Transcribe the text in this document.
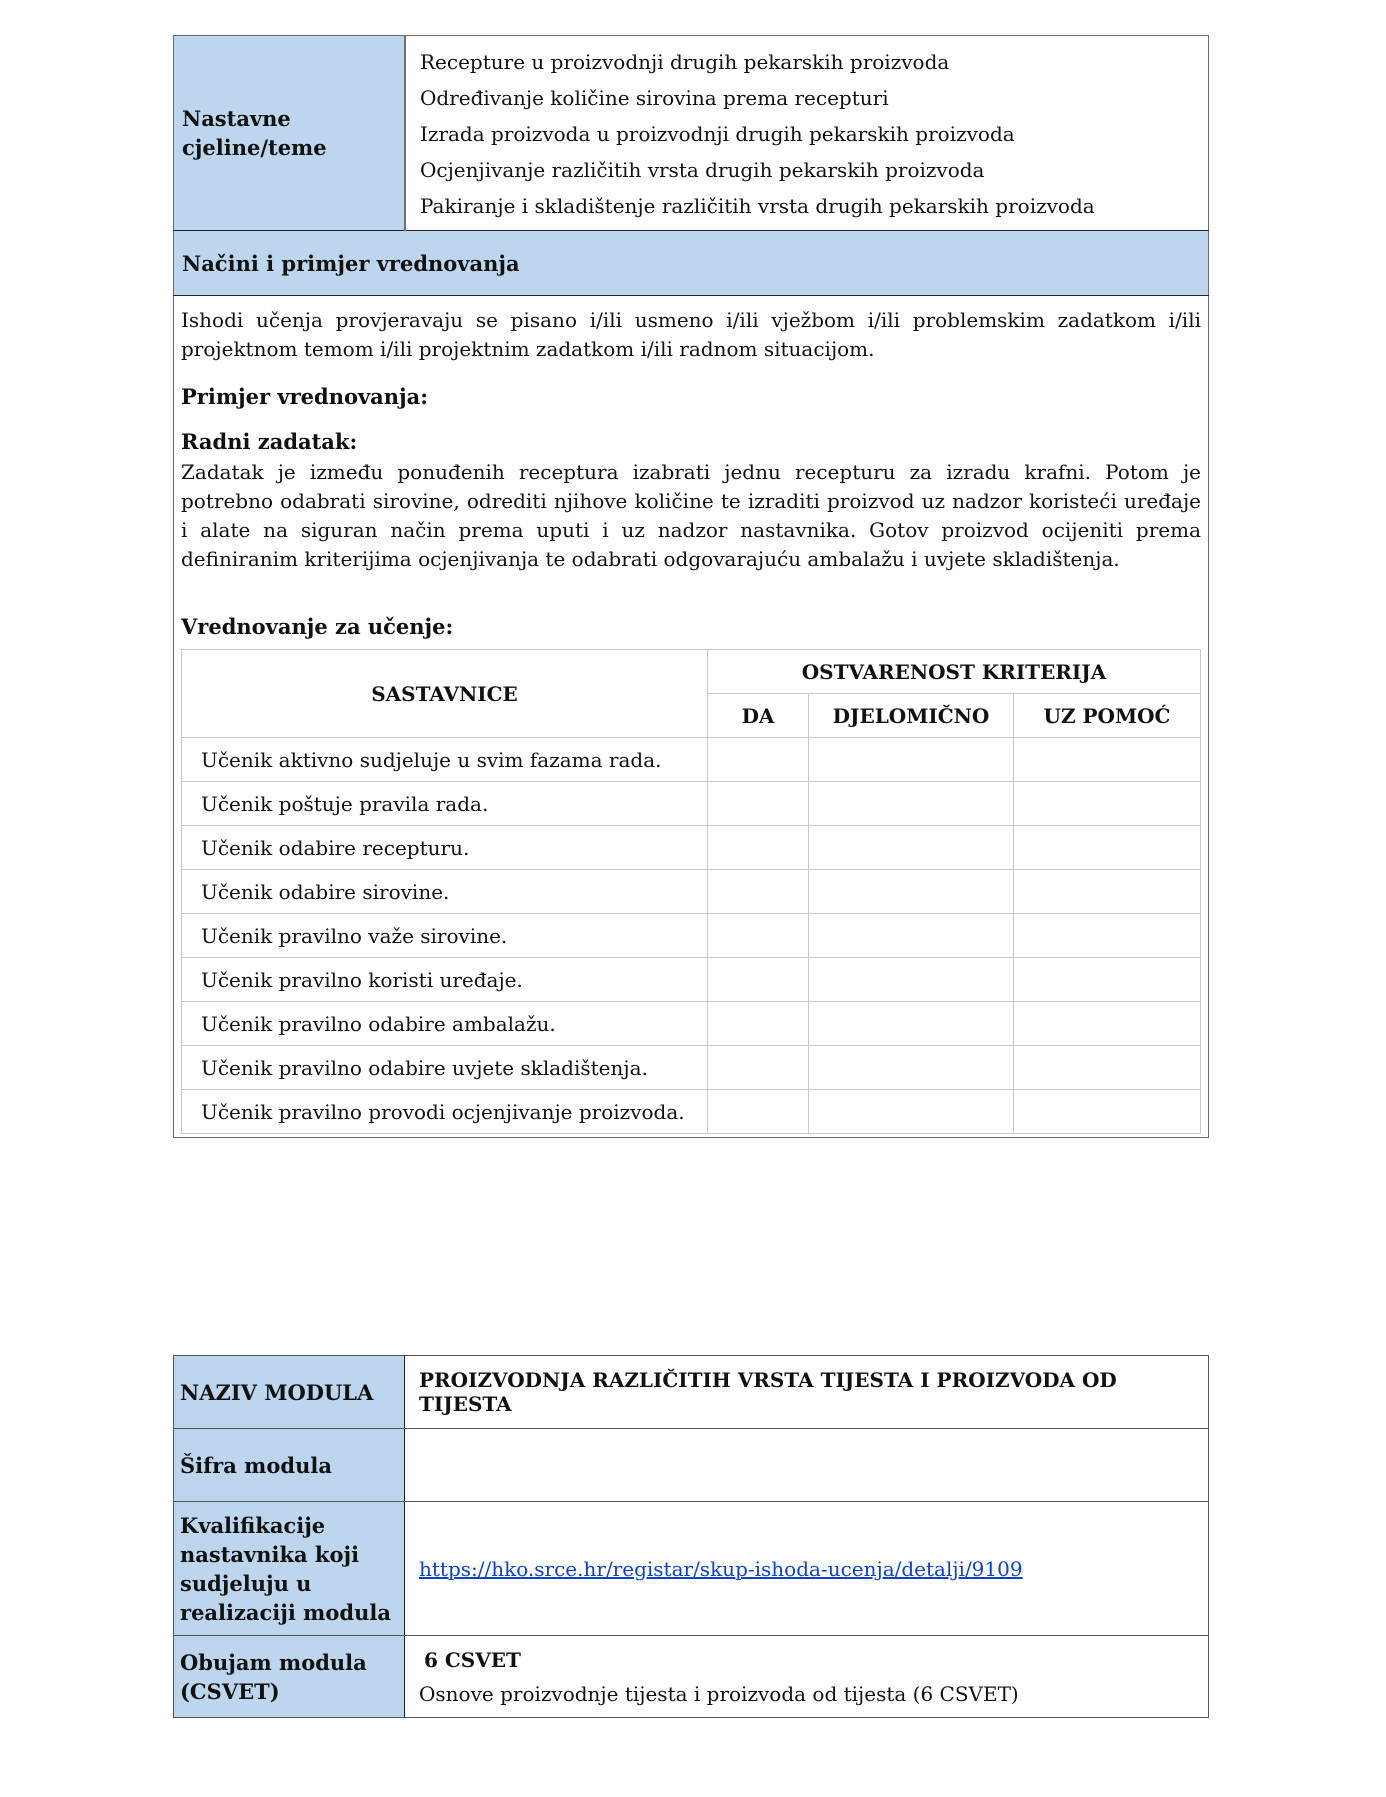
Nastavne cjeline/teme	
Recepture u proizvodnji drugih pekarskih proizvoda
Određivanje količine sirovina prema recepturi
Izrada proizvoda u proizvodnji drugih pekarskih proizvoda
Ocjenjivanje različitih vrsta drugih pekarskih proizvoda
Pakiranje i skladištenje različitih vrsta drugih pekarskih proizvoda

Načini i primjer vrednovanja

Ishodi učenja provjeravaju se pisano i/ili usmeno i/ili vježbom i/ili problemskim zadatkom i/ili projektnom temom i/ili projektnim zadatkom i/ili radnom situacijom.

Primjer vrednovanja:

Radni zadatak:

Zadatak je između ponuđenih receptura izabrati jednu recepturu za izradu krafni. Potom je potrebno odabrati sirovine, odrediti njihove količine te izraditi proizvod uz nadzor koristeći uređaje i alate na siguran način prema uputi i uz nadzor nastavnika. Gotov proizvod ocijeniti prema definiranim kriterijima ocjenjivanja te odabrati odgovarajuću ambalažu i uvjete skladištenja.

Vrednovanje za učenje:

SASTAVNICE	OSTVARENOST KRITERIJA
DA	DJELOMIČNO	UZ POMOĆ
Učenik aktivno sudjeluje u svim fazama rada.			
Učenik poštuje pravila rada.			
Učenik odabire recepturu.			
Učenik odabire sirovine.			
Učenik pravilno važe sirovine.			
Učenik pravilno koristi uređaje.			
Učenik pravilno odabire ambalažu.			
Učenik pravilno odabire uvjete skladištenja.			
Učenik pravilno provodi ocjenjivanje proizvoda.			
NAZIV MODULA	PROIZVODNJA RAZLIČITIH VRSTA TIJESTA I PROIZVODA OD TIJESTA
Šifra modula	
Kvalifikacije nastavnika koji sudjeluju u realizaciji modula	https://hko.srce.hr/registar/skup-ishoda-ucenja/detalji/9109
Obujam modula (CSVET)	6 CSVET
Osnove proizvodnje tijesta i proizvoda od tijesta (6 CSVET)
